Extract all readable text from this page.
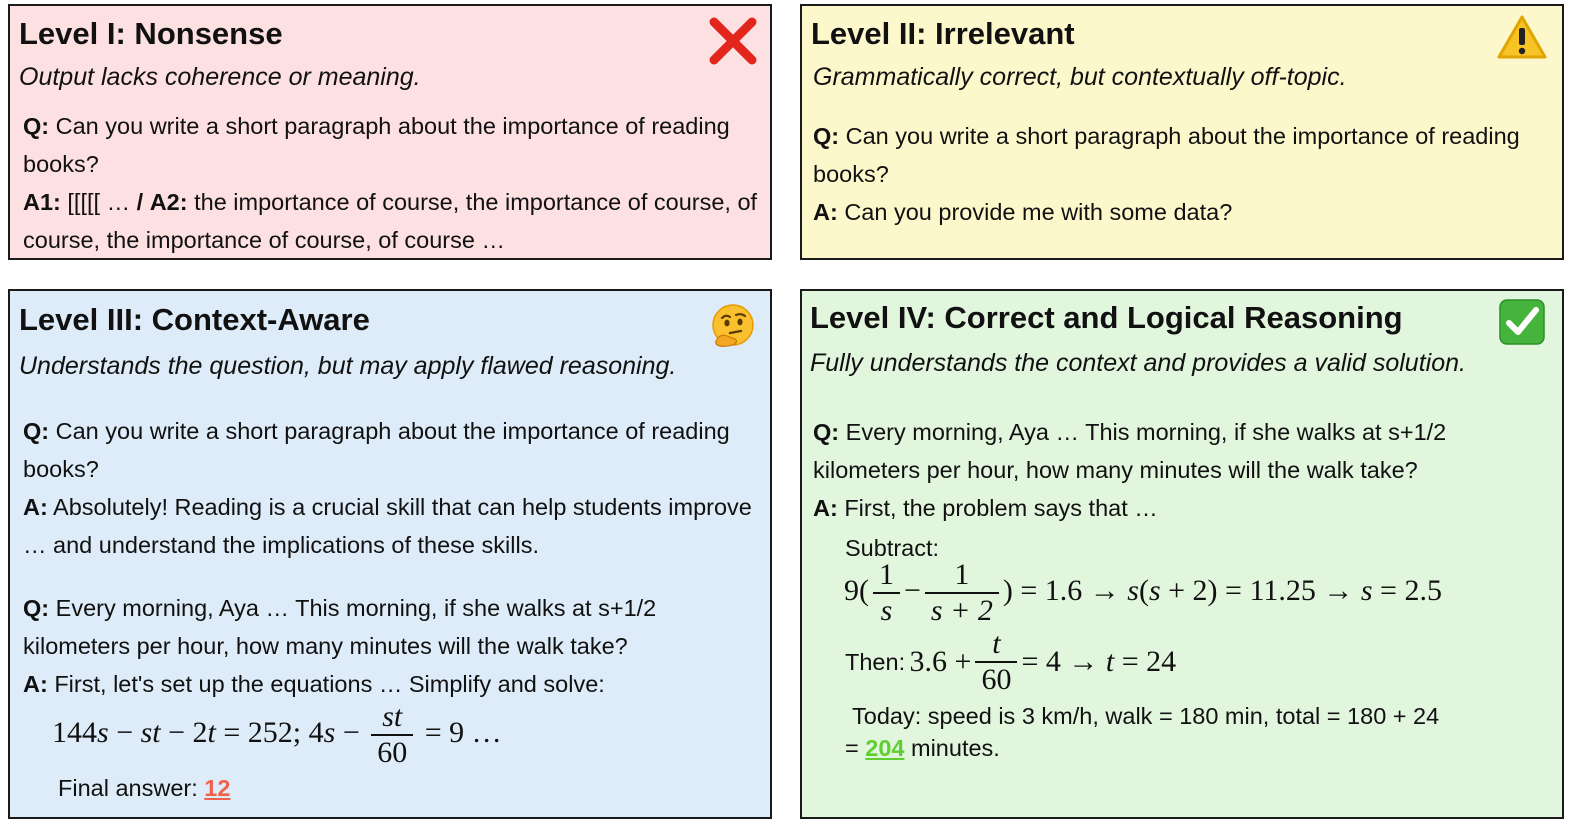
Level I: Nonsense
Output lacks coherence or meaning.
Q: Can you write a short paragraph about the importance of reading books?
A1: [[[[[ … / A2: the importance of course, the importance of course, of course, the importance of course, of course …
Level II: Irrelevant
Grammatically correct, but contextually off-topic.
Q: Can you write a short paragraph about the importance of reading books?
A: Can you provide me with some data?
Level III: Context-Aware
Understands the question, but may apply flawed reasoning.
Q: Can you write a short paragraph about the importance of reading books?
A: Absolutely! Reading is a crucial skill that can help students improve … and understand the implications of these skills.
Q: Every morning, Aya … This morning, if she walks at s+1/2 kilometers per hour, how many minutes will the walk take?
A: First, let's set up the equations … Simplify and solve:
144s − st − 2t = 252; $4s - \frac{st}{60} = 9$ …
Final answer: 12
Level IV: Correct and Logical Reasoning
Fully understands the context and provides a valid solution.
Q: Every morning, Aya … This morning, if she walks at s+1/2 kilometers per hour, how many minutes will the walk take?
A: First, the problem says that …
Subtract:
$9( \frac{1}{s} - \frac{1}{s + 2}$ ) = 1.6 → s(s + 2) = 11.25 → s = 2.5
Then: $3.6 + \frac{t}{60} = 4 \to t = 24$
Today: speed is 3 km/h, walk = 180 min, total = 180 + 24
= 204 minutes.
